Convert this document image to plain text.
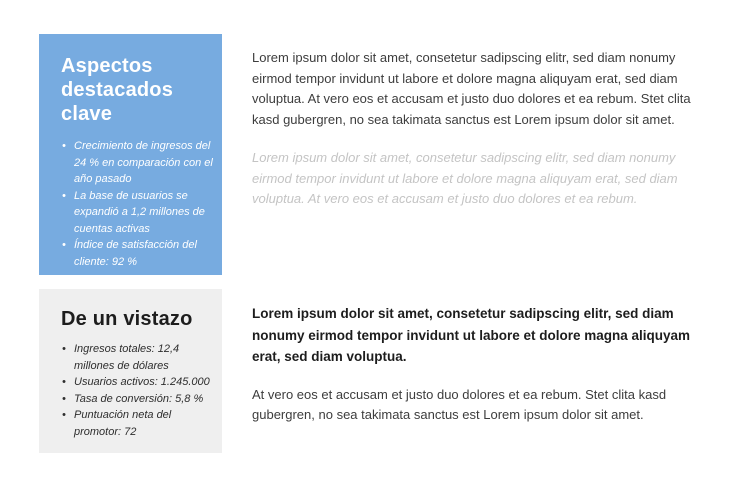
Aspectos destacados clave
• Crecimiento de ingresos del 24 % en comparación con el año pasado
• La base de usuarios se expandió a 1,2 millones de cuentas activas
• Índice de satisfacción del cliente: 92 %

Lorem ipsum dolor sit amet, consetetur sadipscing elitr, sed diam nonumy eirmod tempor invidunt ut labore et dolore magna aliquyam erat, sed diam voluptua. At vero eos et accusam et justo duo dolores et ea rebum. Stet clita kasd gubergren, no sea takimata sanctus est Lorem ipsum dolor sit amet.

Lorem ipsum dolor sit amet, consetetur sadipscing elitr, sed diam nonumy eirmod tempor invidunt ut labore et dolore magna aliquyam erat, sed diam voluptua. At vero eos et accusam et justo duo dolores et ea rebum.

De un vistazo
• Ingresos totales: 12,4 millones de dólares
• Usuarios activos: 1.245.000
• Tasa de conversión: 5,8 %
• Puntuación neta del promotor: 72

Lorem ipsum dolor sit amet, consetetur sadipscing elitr, sed diam nonumy eirmod tempor invidunt ut labore et dolore magna aliquyam erat, sed diam voluptua.

At vero eos et accusam et justo duo dolores et ea rebum. Stet clita kasd gubergren, no sea takimata sanctus est Lorem ipsum dolor sit amet.
